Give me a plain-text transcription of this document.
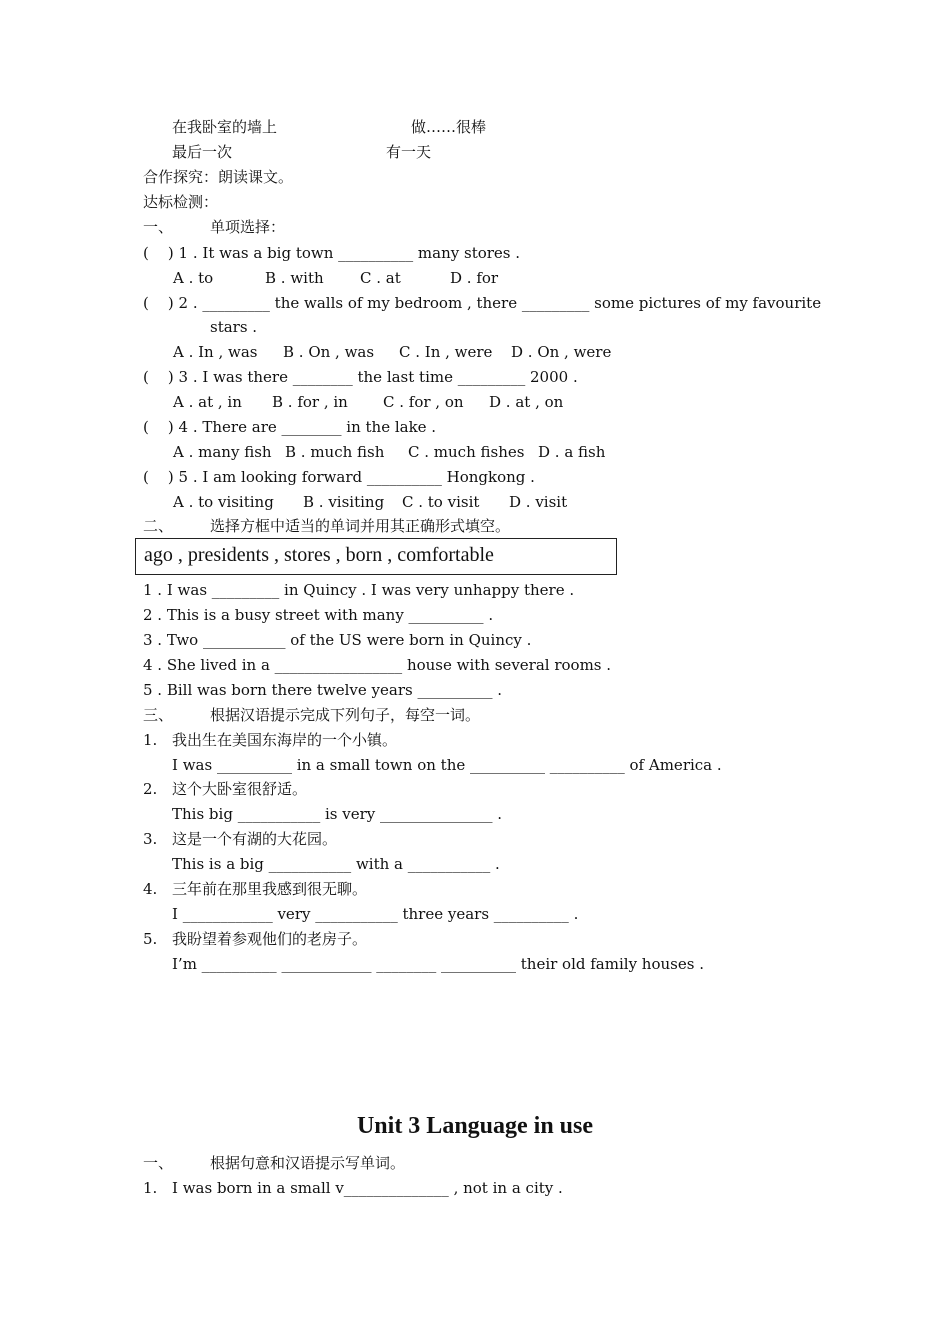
在我卧室的墙上	做……很棒
最后一次	有一天
合作探究：朗读课文。
达标检测：
一、 单项选择：
(    ) 1 . It was a big town __________ many stores .
A . to	B . with C . at	D . for
(    ) 2 . _________ the walls of my bedroom , there _________ some pictures of my favourite
stars .
A . In , was B . On , was C . In , were D . On , were
(    ) 3 . I was there ________ the last time _________ 2000 .
A . at , in B . for , in C . for , on D . at , on
(    ) 4 . There are ________ in the lake .
A . many fish B . much fish C . much fishes D . a fish
(    ) 5 . I am looking forward __________ Hongkong .
A . to visiting B . visiting C . to visit D . visit
二、 选择方框中适当的单词并用其正确形式填空。
ago , presidents , stores , born , comfortable
1 . I was _________ in Quincy . I was very unhappy there .
2 . This is a busy street with many __________ .
3 . Two ___________ of the US were born in Quincy .
4 . She lived in a _________________ house with several rooms .
5 . Bill was born there twelve years __________ .
三、 根据汉语提示完成下列句子，每空一词。
1. 我出生在美国东海岸的一个小镇。
I was __________ in a small town on the __________ __________ of America .
2. 这个大卧室很舒适。
This big ___________ is very _______________ .
3. 这是一个有湖的大花园。
This is a big ___________ with a ___________ .
4. 三年前在那里我感到很无聊。
I ____________ very ___________ three years __________ .
5. 我盼望着参观他们的老房子。
I’m __________ ____________ ________ __________ their old family houses .
Unit 3 Language in use
一、 根据句意和汉语提示写单词。
1. I was born in a small v______________ , not in a city .
